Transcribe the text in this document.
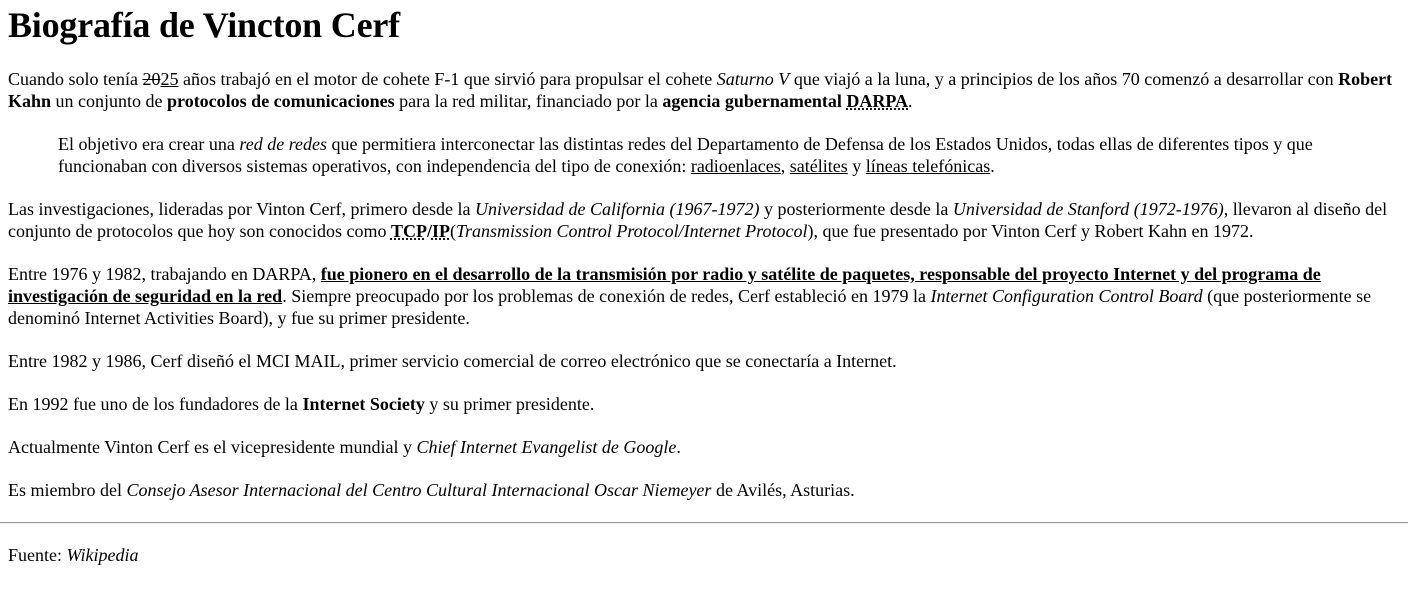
Biografía de Vincton Cerf

Cuando solo tenía 2025 años trabajó en el motor de cohete F-1 que sirvió para propulsar el cohete Saturno V que viajó a la luna, y a principios de los años 70 comenzó a desarrollar con Robert Kahn un conjunto de protocolos de comunicaciones para la red militar, financiado por la agencia gubernamental DARPA.

El objetivo era crear una red de redes que permitiera interconectar las distintas redes del Departamento de Defensa de los Estados Unidos, todas ellas de diferentes tipos y que funcionaban con diversos sistemas operativos, con independencia del tipo de conexión: radioenlaces, satélites y líneas telefónicas.

Las investigaciones, lideradas por Vinton Cerf, primero desde la Universidad de California (1967-1972) y posteriormente desde la Universidad de Stanford (1972-1976), llevaron al diseño del conjunto de protocolos que hoy son conocidos como TCP/IP(Transmission Control Protocol/Internet Protocol), que fue presentado por Vinton Cerf y Robert Kahn en 1972.

Entre 1976 y 1982, trabajando en DARPA, fue pionero en el desarrollo de la transmisión por radio y satélite de paquetes, responsable del proyecto Internet y del programa de investigación de seguridad en la red. Siempre preocupado por los problemas de conexión de redes, Cerf estableció en 1979 la Internet Configuration Control Board (que posteriormente se denominó Internet Activities Board), y fue su primer presidente.

Entre 1982 y 1986, Cerf diseñó el MCI MAIL, primer servicio comercial de correo electrónico que se conectaría a Internet.

En 1992 fue uno de los fundadores de la Internet Society y su primer presidente.

Actualmente Vinton Cerf es el vicepresidente mundial y Chief Internet Evangelist de Google.

Es miembro del Consejo Asesor Internacional del Centro Cultural Internacional Oscar Niemeyer de Avilés, Asturias.

Fuente: Wikipedia
